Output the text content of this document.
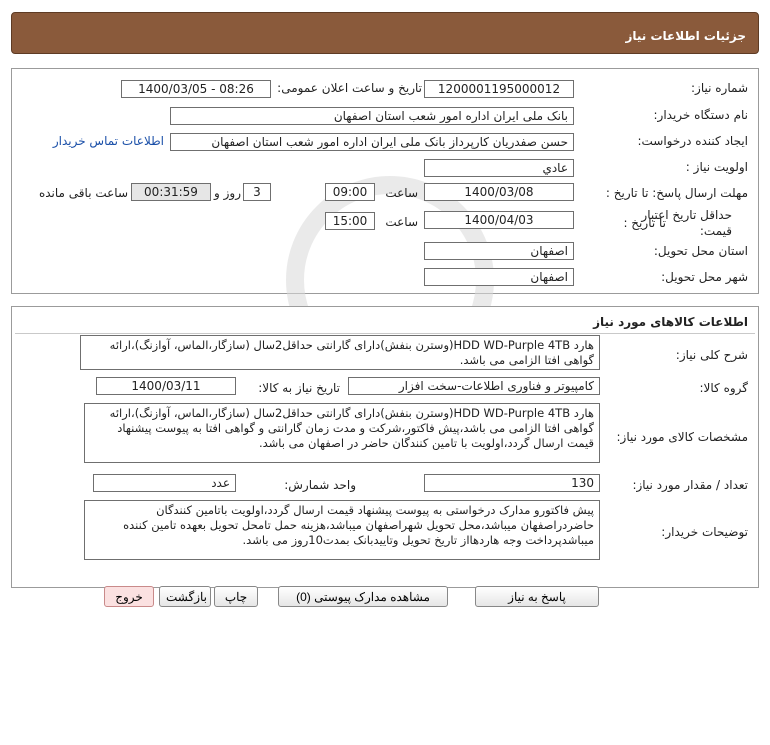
جزئیات اطلاعات نیاز
شماره نیاز:
1200001195000012
تاریخ و ساعت اعلان عمومی:
1400/03/05 - 08:26
نام دستگاه خریدار:
بانک ملی ایران اداره امور شعب استان اصفهان
ایجاد کننده درخواست:
حسن صفدریان کارپرداز بانک ملی ایران اداره امور شعب استان اصفهان
اطلاعات تماس خریدار
اولویت نیاز :
عادي
مهلت ارسال پاسخ: تا تاریخ :
1400/03/08
ساعت
09:00
3
روز و
00:31:59
ساعت باقی مانده
حداقل تاریخ اعتبار
قیمت:
تا تاریخ :
1400/04/03
ساعت
15:00
استان محل تحویل:
اصفهان
شهر محل تحویل:
اصفهان
اطلاعات کالاهای مورد نیاز
شرح کلی نیاز:
هارد HDD WD-Purple 4TB(وسترن بنفش)دارای گارانتی حداقل2سال (سازگار،الماس، آوازنگ)،ارائه گواهی افتا الزامی می باشد.
گروه کالا:
کامپیوتر و فناوری اطلاعات-سخت افزار
تاریخ نیاز به کالا:
1400/03/11
مشخصات کالای مورد نیاز:
هارد HDD WD-Purple 4TB(وسترن بنفش)دارای گارانتی حداقل2سال (سازگار،الماس، آوازنگ)،ارائه گواهی افتا الزامی می باشد،پیش فاکتور،شرکت و مدت زمان گارانتی و گواهی افتا به پیوست پیشنهاد قیمت ارسال گردد،اولویت با تامین کنندگان حاضر در اصفهان می باشد.
تعداد / مقدار مورد نیاز:
130
واحد شمارش:
عدد
توضیحات خریدار:
پیش فاکتورو مدارک درخواستی به پیوست پیشنهاد قیمت ارسال گردد،اولویت باتامین کنندگان حاضردراصفهان میباشد،محل تحویل شهراصفهان میباشد،هزینه حمل تامحل تحویل بعهده تامین کننده میباشدپرداخت وجه هاردهااز تاریخ تحویل وتاییدبانک بمدت10روز می باشد.
پاسخ به نیاز
مشاهده مدارک پیوستی (0)
چاپ
بازگشت
خروج
